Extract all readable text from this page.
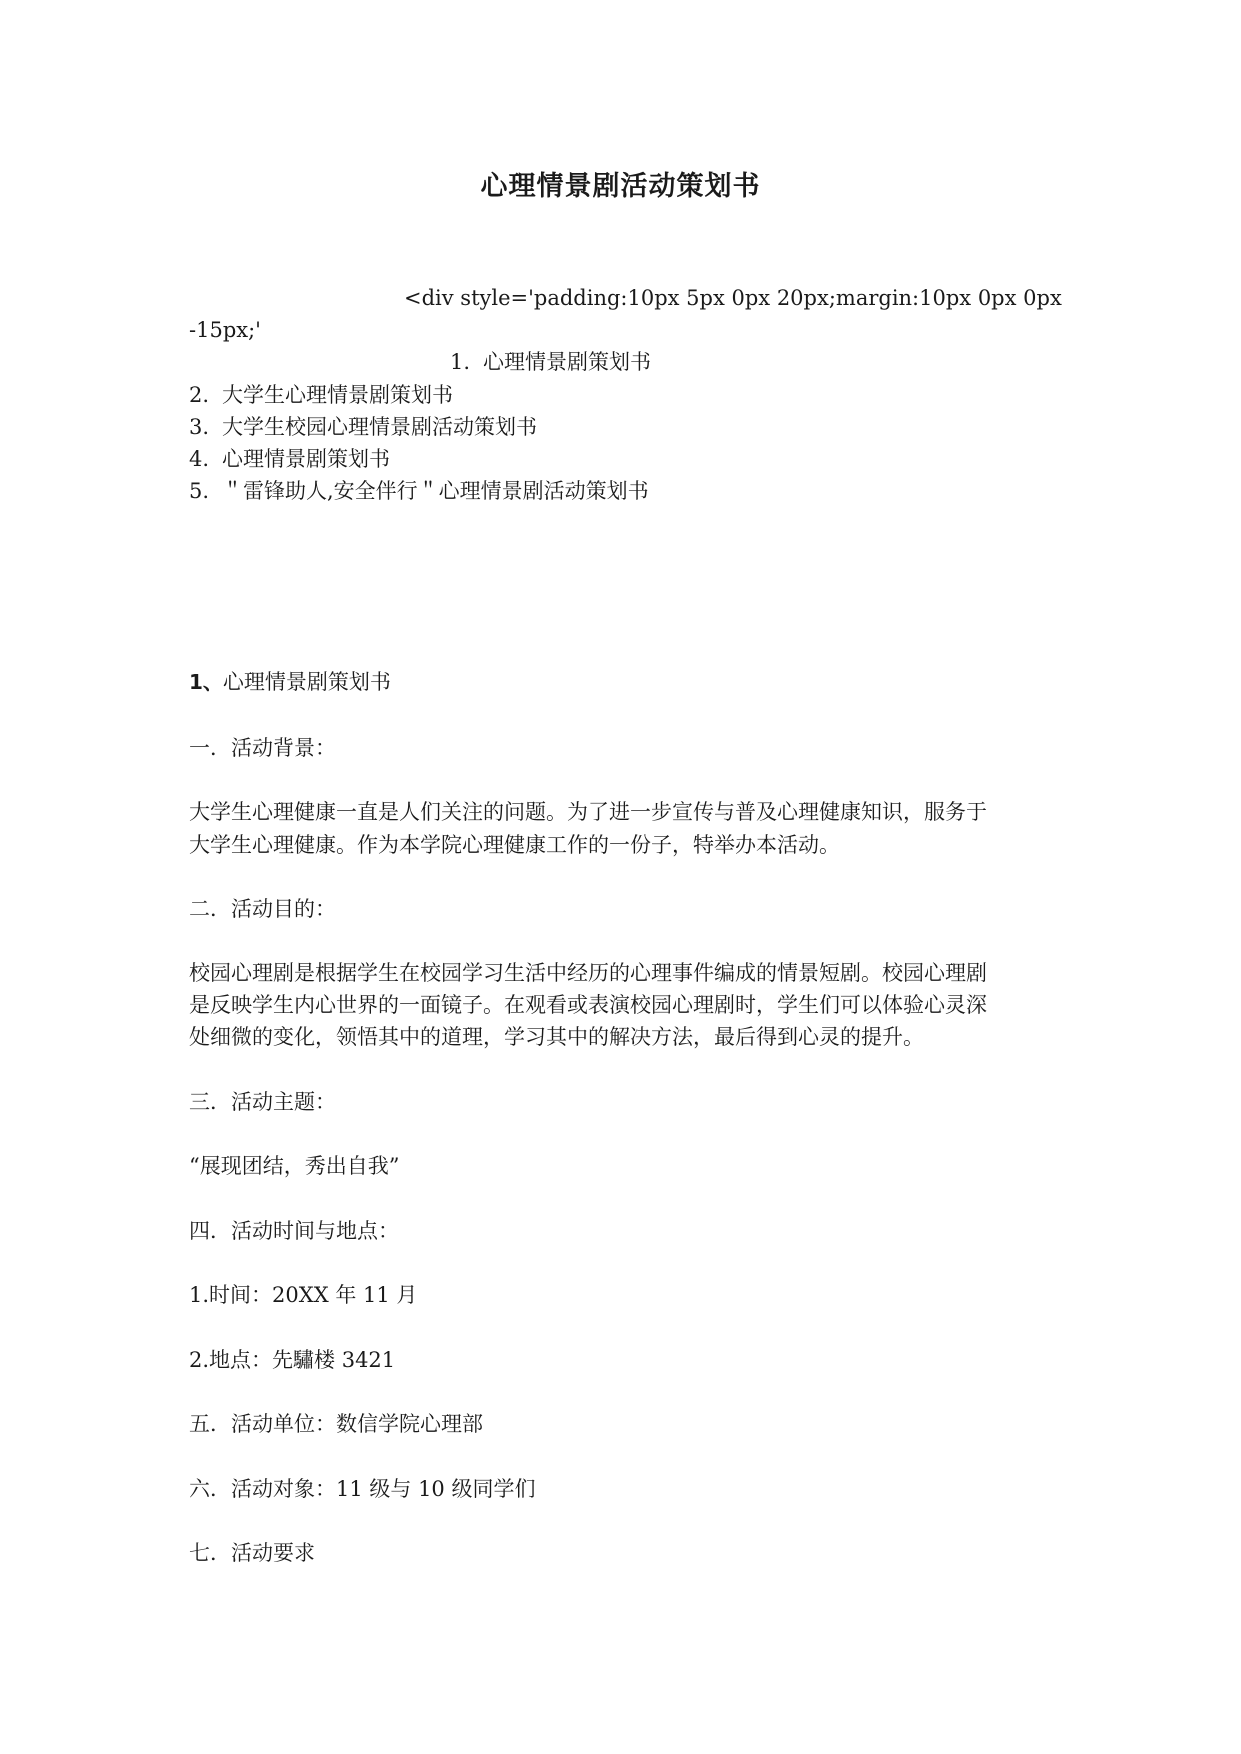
心理情景剧活动策划书
<div style='padding:10px 5px 0px 20px;margin:10px 0px 0px
-15px;'
1. 心理情景剧策划书
2. 大学生心理情景剧策划书
3. 大学生校园心理情景剧活动策划书
4. 心理情景剧策划书
5. ＂雷锋助人,安全伴行＂心理情景剧活动策划书
1、心理情景剧策划书
一．活动背景：
大学生心理健康一直是人们关注的问题。为了进一步宣传与普及心理健康知识，服务于
大学生心理健康。作为本学院心理健康工作的一份子，特举办本活动。
二．活动目的：
校园心理剧是根据学生在校园学习生活中经历的心理事件编成的情景短剧。校园心理剧
是反映学生内心世界的一面镜子。在观看或表演校园心理剧时，学生们可以体验心灵深
处细微的变化，领悟其中的道理，学习其中的解决方法，最后得到心灵的提升。
三．活动主题：
“展现团结，秀出自我”
四．活动时间与地点：
1.时间：20XX 年 11 月
2.地点：先驌楼 3421
五．活动单位：数信学院心理部
六．活动对象：11 级与 10 级同学们
七．活动要求
